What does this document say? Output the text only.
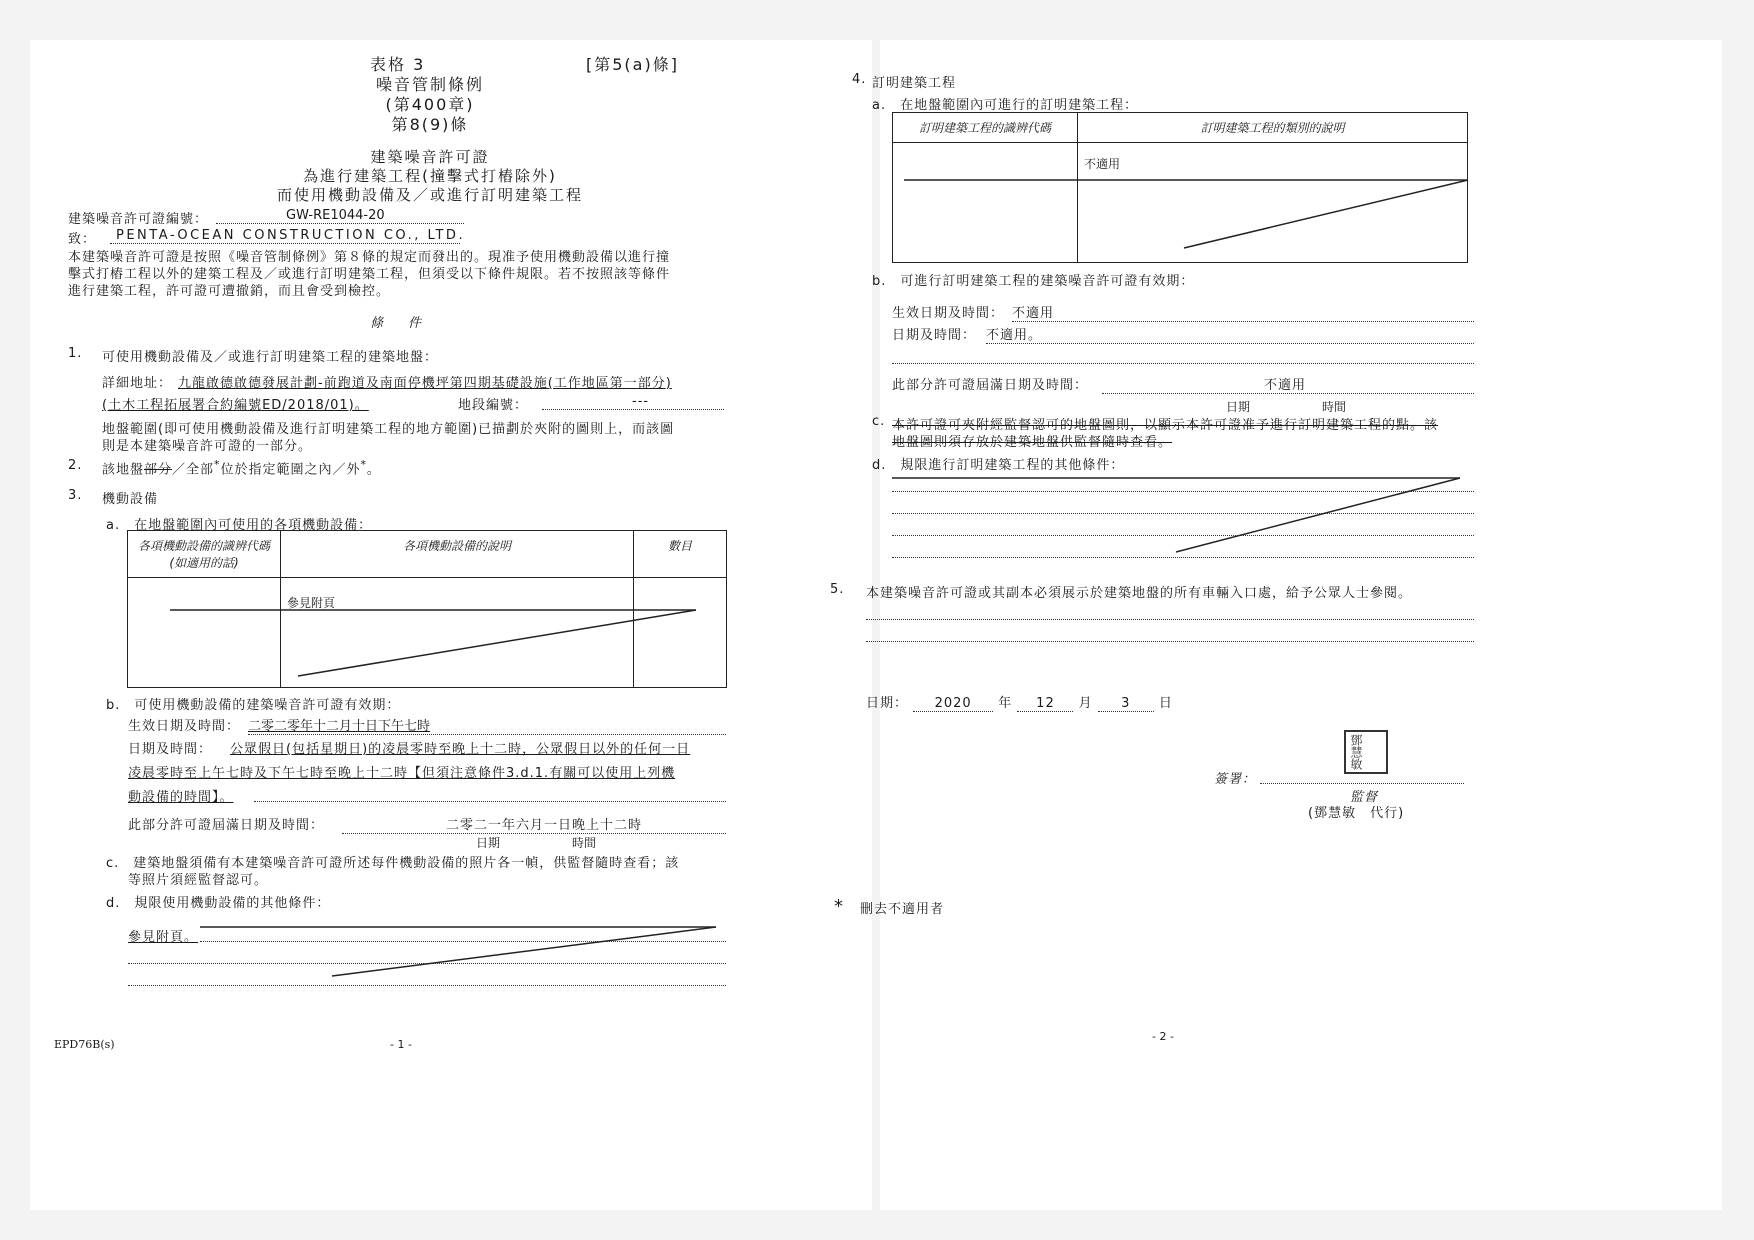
表格 3	[第5(a)條]
噪音管制條例
(第400章)
第8(9)條
建築噪音許可證
為進行建築工程(撞擊式打樁除外)
而使用機動設備及／或進行訂明建築工程
建築噪音許可證編號：	GW-RE1044-20
致：	PENTA-OCEAN CONSTRUCTION CO., LTD.
本建築噪音許可證是按照《噪音管制條例》第８條的規定而發出的。現准予使用機動設備以進行撞
擊式打樁工程以外的建築工程及／或進行訂明建築工程，但須受以下條件規限。若不按照該等條件
進行建築工程，許可證可遭撤銷，而且會受到檢控。
條　件
1. 可使用機動設備及／或進行訂明建築工程的建築地盤：
詳細地址： 九龍啟德啟德發展計劃-前跑道及南面停機坪第四期基礎設施(工作地區第一部分)
(土木工程拓展署合約編號ED/2018/01)。	地段編號：	---
地盤範圍(即可使用機動設備及進行訂明建築工程的地方範圍)已描劃於夾附的圖則上，而該圖
則是本建築噪音許可證的一部分。
2. 該地盤部分／全部*位於指定範圍之內／外*。
3. 機動設備
a.　在地盤範圍內可使用的各項機動設備：
各項機動設備的識辨代碼
(如適用的話)	各項機動設備的說明	數目
	參見附頁	
b.　可使用機動設備的建築噪音許可證有效期：
生效日期及時間： 二零二零年十二月十日下午七時
日期及時間： 公眾假日(包括星期日)的凌晨零時至晚上十二時，公眾假日以外的任何一日
凌晨零時至上午七時及下午七時至晚上十二時【但須注意條件3.d.1.有關可以使用上列機
動設備的時間】。
此部分許可證屆滿日期及時間：	二零二一年六月一日晚上十二時
日期	時間
c.　建築地盤須備有本建築噪音許可證所述每件機動設備的照片各一幀，供監督隨時查看；該
等照片須經監督認可。
d.　規限使用機動設備的其他條件：
參見附頁。
EPD76B(s)	- 1 -
4. 訂明建築工程
a.　在地盤範圍內可進行的訂明建築工程：
訂明建築工程的識辨代碼	訂明建築工程的類別的說明
	不適用
b.　可進行訂明建築工程的建築噪音許可證有效期：
生效日期及時間： 不適用
日期及時間： 不適用。
此部分許可證屆滿日期及時間：	不適用
日期	時間
c. 本許可證可夾附經監督認可的地盤圖則，以顯示本許可證准予進行訂明建築工程的點。該
地盤圖則須存放於建築地盤供監督隨時查看。
d.　規限進行訂明建築工程的其他條件：
5. 本建築噪音許可證或其副本必須展示於建築地盤的所有車輛入口處，給予公眾人士參閱。
日期： 2020 年 12 月 3 日
鄧慧敏
簽署：
監督
(鄧慧敏　代行)
* 刪去不適用者
- 2 -
